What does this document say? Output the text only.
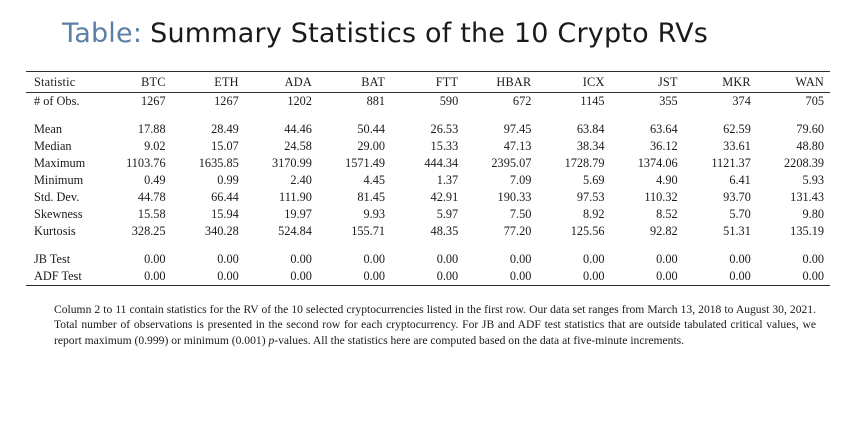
Table: Summary Statistics of the 10 Crypto RVs
Statistic	BTC	ETH	ADA	BAT	FTT	HBAR	ICX	JST	MKR	WAN
# of Obs.	1267	1267	1202	881	590	672	1145	355	374	705

Mean	17.88	28.49	44.46	50.44	26.53	97.45	63.84	63.64	62.59	79.60
Median	9.02	15.07	24.58	29.00	15.33	47.13	38.34	36.12	33.61	48.80
Maximum	1103.76	1635.85	3170.99	1571.49	444.34	2395.07	1728.79	1374.06	1121.37	2208.39
Minimum	0.49	0.99	2.40	4.45	1.37	7.09	5.69	4.90	6.41	5.93
Std. Dev.	44.78	66.44	111.90	81.45	42.91	190.33	97.53	110.32	93.70	131.43
Skewness	15.58	15.94	19.97	9.93	5.97	7.50	8.92	8.52	5.70	9.80
Kurtosis	328.25	340.28	524.84	155.71	48.35	77.20	125.56	92.82	51.31	135.19

JB Test	0.00	0.00	0.00	0.00	0.00	0.00	0.00	0.00	0.00	0.00
ADF Test	0.00	0.00	0.00	0.00	0.00	0.00	0.00	0.00	0.00	0.00

Column 2 to 11 contain statistics for the RV of the 10 selected cryptocurrencies listed in the first row. Our data set ranges from March 13, 2018 to August 30, 2021. Total number of observations is presented in the second row for each cryptocurrency. For JB and ADF test statistics that are outside tabulated critical values, we report maximum (0.999) or minimum (0.001) p-values. All the statistics here are computed based on the data at five-minute increments.
